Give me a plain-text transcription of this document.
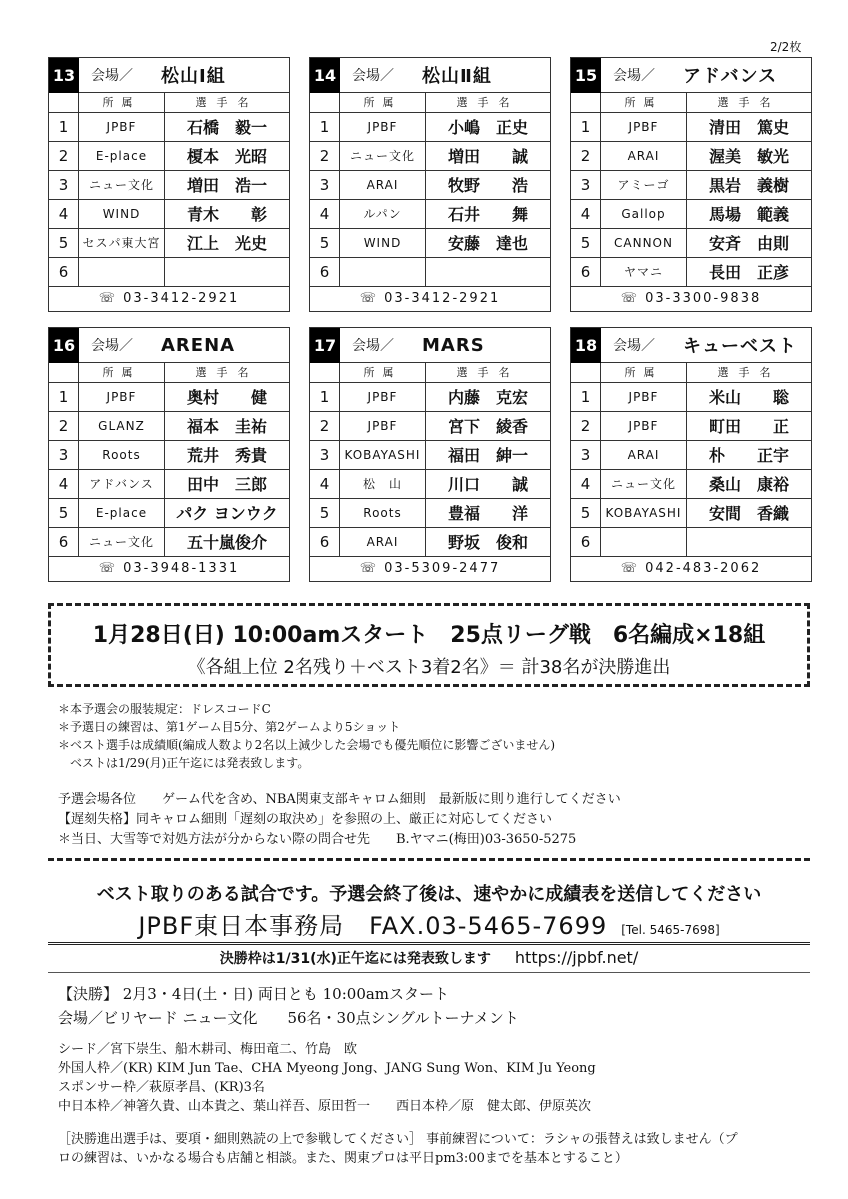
2/2枚
13 会場／ 松山Ⅰ組
所属	選手名
1	JPBF	石橋　毅一
2	E-place	榎本　光昭
3	ニュー文化	増田　浩一
4	WIND	青木　　彰
5	セスパ東大宮	江上　光史
6
☏ 03-3412-2921
14 会場／ 松山Ⅱ組
所属	選手名
1	JPBF	小嶋　正史
2	ニュー文化	増田　　誠
3	ARAI	牧野　　浩
4	ルパン	石井　　舞
5	WIND	安藤　達也
6
☏ 03-3412-2921
15 会場／ アドバンス
所属	選手名
1	JPBF	清田　篤史
2	ARAI	渥美　敏光
3	アミーゴ	黒岩　義樹
4	Gallop	馬場　範義
5	CANNON	安斉　由則
6	ヤマニ	長田　正彦
☏ 03-3300-9838
16 会場／ ARENA
所属	選手名
1	JPBF	奥村　　健
2	GLANZ	福本　圭祐
3	Roots	荒井　秀貴
4	アドバンス	田中　三郎
5	E-place	パク ヨンウク
6	ニュー文化	五十嵐俊介
☏ 03-3948-1331
17 会場／ MARS
所属	選手名
1	JPBF	内藤　克宏
2	JPBF	宮下　綾香
3	KOBAYASHI	福田　紳一
4	松　山	川口　　誠
5	Roots	豊福　　洋
6	ARAI	野坂　俊和
☏ 03-5309-2477
18 会場／ キューベスト
所属	選手名
1	JPBF	米山　　聡
2	JPBF	町田　　正
3	ARAI	朴　　正宇
4	ニュー文化	桑山　康裕
5	KOBAYASHI	安間　香織
6
☏ 042-483-2062
1月28日(日) 10:00amスタート　25点リーグ戦　6名編成×18組
《各組上位 2名残り＋ベスト3着2名》＝ 計38名が決勝進出
＊本予選会の服装規定：ドレスコードC
＊予選日の練習は、第1ゲーム目5分、第2ゲームより5ショット
＊ベスト選手は成績順(編成人数より2名以上減少した会場でも優先順位に影響ございません)
　ベストは1/29(月)正午迄には発表致します。
予選会場各位　　ゲーム代を含め、NBA関東支部キャロム細則　最新版に則り進行してください
【遅刻失格】同キャロム細則「遅刻の取決め」を参照の上、厳正に対応してください
＊当日、大雪等で対処方法が分からない際の問合せ先　　B.ヤマニ(梅田)03-3650-5275
ベスト取りのある試合です。予選会終了後は、速やかに成績表を送信してください
JPBF東日本事務局　FAX.03-5465-7699 [Tel. 5465-7698]
決勝枠は1/31(水)正午迄には発表致します https://jpbf.net/
【決勝】 2月3・4日(土・日) 両日とも 10:00amスタート
会場／ビリヤード ニュー文化　　56名・30点シングルトーナメント
シード／宮下崇生、船木耕司、梅田竜二、竹島　欧
外国人枠／(KR) KIM Jun Tae、CHA Myeong Jong、JANG Sung Won、KIM Ju Yeong
スポンサー枠／萩原孝昌、(KR)3名
中日本枠／神箸久貴、山本貴之、葉山祥吾、原田哲一　　西日本枠／原　健太郎、伊原英次
［決勝進出選手は、要項・細則熟読の上で参戦してください］ 事前練習について：ラシャの張替えは致しません（プ
ロの練習は、いかなる場合も店舗と相談。また、関東プロは平日pm3:00までを基本とすること）
